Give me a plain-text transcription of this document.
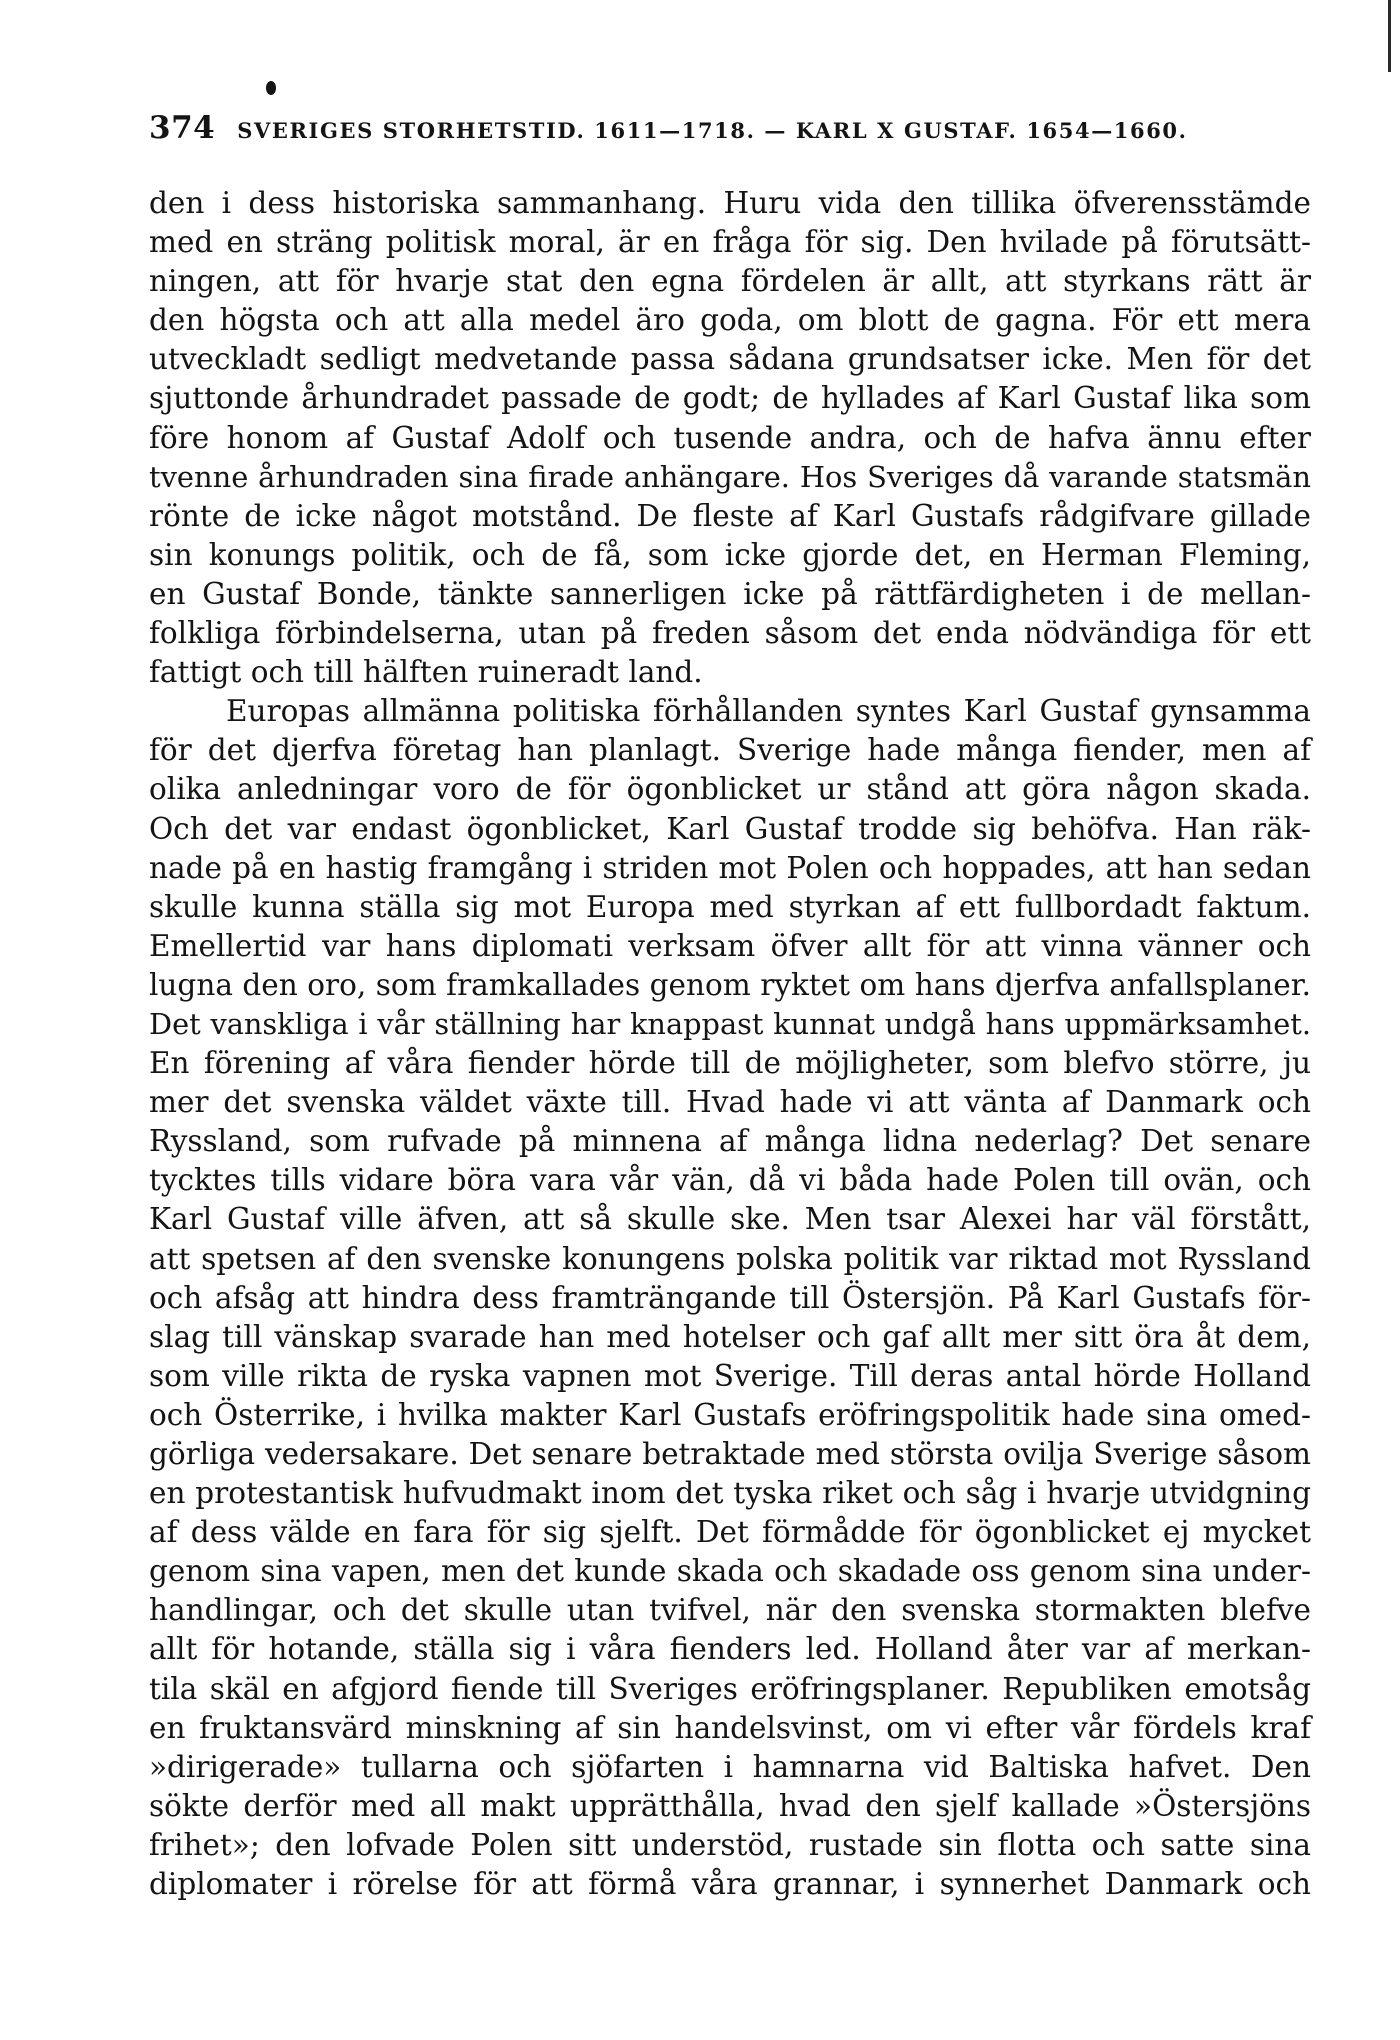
374 SVERIGES STORHETSTID. 1611—1718. — KARL X GUSTAF. 1654—1660.
den i dess historiska sammanhang. Huru vida den tillika öfverensstämde
med en sträng politisk moral, är en fråga för sig. Den hvilade på förutsätt-
ningen, att för hvarje stat den egna fördelen är allt, att styrkans rätt är
den högsta och att alla medel äro goda, om blott de gagna. För ett mera
utveckladt sedligt medvetande passa sådana grundsatser icke. Men för det
sjuttonde århundradet passade de godt; de hyllades af Karl Gustaf lika som
före honom af Gustaf Adolf och tusende andra, och de hafva ännu efter
tvenne århundraden sina firade anhängare. Hos Sveriges då varande statsmän
rönte de icke något motstånd. De fleste af Karl Gustafs rådgifvare gillade
sin konungs politik, och de få, som icke gjorde det, en Herman Fleming,
en Gustaf Bonde, tänkte sannerligen icke på rättfärdigheten i de mellan-
folkliga förbindelserna, utan på freden såsom det enda nödvändiga för ett
fattigt och till hälften ruineradt land.
Europas allmänna politiska förhållanden syntes Karl Gustaf gynsamma
för det djerfva företag han planlagt. Sverige hade många fiender, men af
olika anledningar voro de för ögonblicket ur stånd att göra någon skada.
Och det var endast ögonblicket, Karl Gustaf trodde sig behöfva. Han räk-
nade på en hastig framgång i striden mot Polen och hoppades, att han sedan
skulle kunna ställa sig mot Europa med styrkan af ett fullbordadt faktum.
Emellertid var hans diplomati verksam öfver allt för att vinna vänner och
lugna den oro, som framkallades genom ryktet om hans djerfva anfallsplaner.
Det vanskliga i vår ställning har knappast kunnat undgå hans uppmärksamhet.
En förening af våra fiender hörde till de möjligheter, som blefvo större, ju
mer det svenska väldet växte till. Hvad hade vi att vänta af Danmark och
Ryssland, som rufvade på minnena af många lidna nederlag? Det senare
tycktes tills vidare böra vara vår vän, då vi båda hade Polen till ovän, och
Karl Gustaf ville äfven, att så skulle ske. Men tsar Alexei har väl förstått,
att spetsen af den svenske konungens polska politik var riktad mot Ryssland
och afsåg att hindra dess framträngande till Östersjön. På Karl Gustafs för-
slag till vänskap svarade han med hotelser och gaf allt mer sitt öra åt dem,
som ville rikta de ryska vapnen mot Sverige. Till deras antal hörde Holland
och Österrike, i hvilka makter Karl Gustafs eröfringspolitik hade sina omed-
görliga vedersakare. Det senare betraktade med största ovilja Sverige såsom
en protestantisk hufvudmakt inom det tyska riket och såg i hvarje utvidgning
af dess välde en fara för sig sjelft. Det förmådde för ögonblicket ej mycket
genom sina vapen, men det kunde skada och skadade oss genom sina under-
handlingar, och det skulle utan tvifvel, när den svenska stormakten blefve
allt för hotande, ställa sig i våra fienders led. Holland åter var af merkan-
tila skäl en afgjord fiende till Sveriges eröfringsplaner. Republiken emotsåg
en fruktansvärd minskning af sin handelsvinst, om vi efter vår fördels kraf
»dirigerade» tullarna och sjöfarten i hamnarna vid Baltiska hafvet. Den
sökte derför med all makt upprätthålla, hvad den sjelf kallade »Östersjöns
frihet»; den lofvade Polen sitt understöd, rustade sin flotta och satte sina
diplomater i rörelse för att förmå våra grannar, i synnerhet Danmark och
